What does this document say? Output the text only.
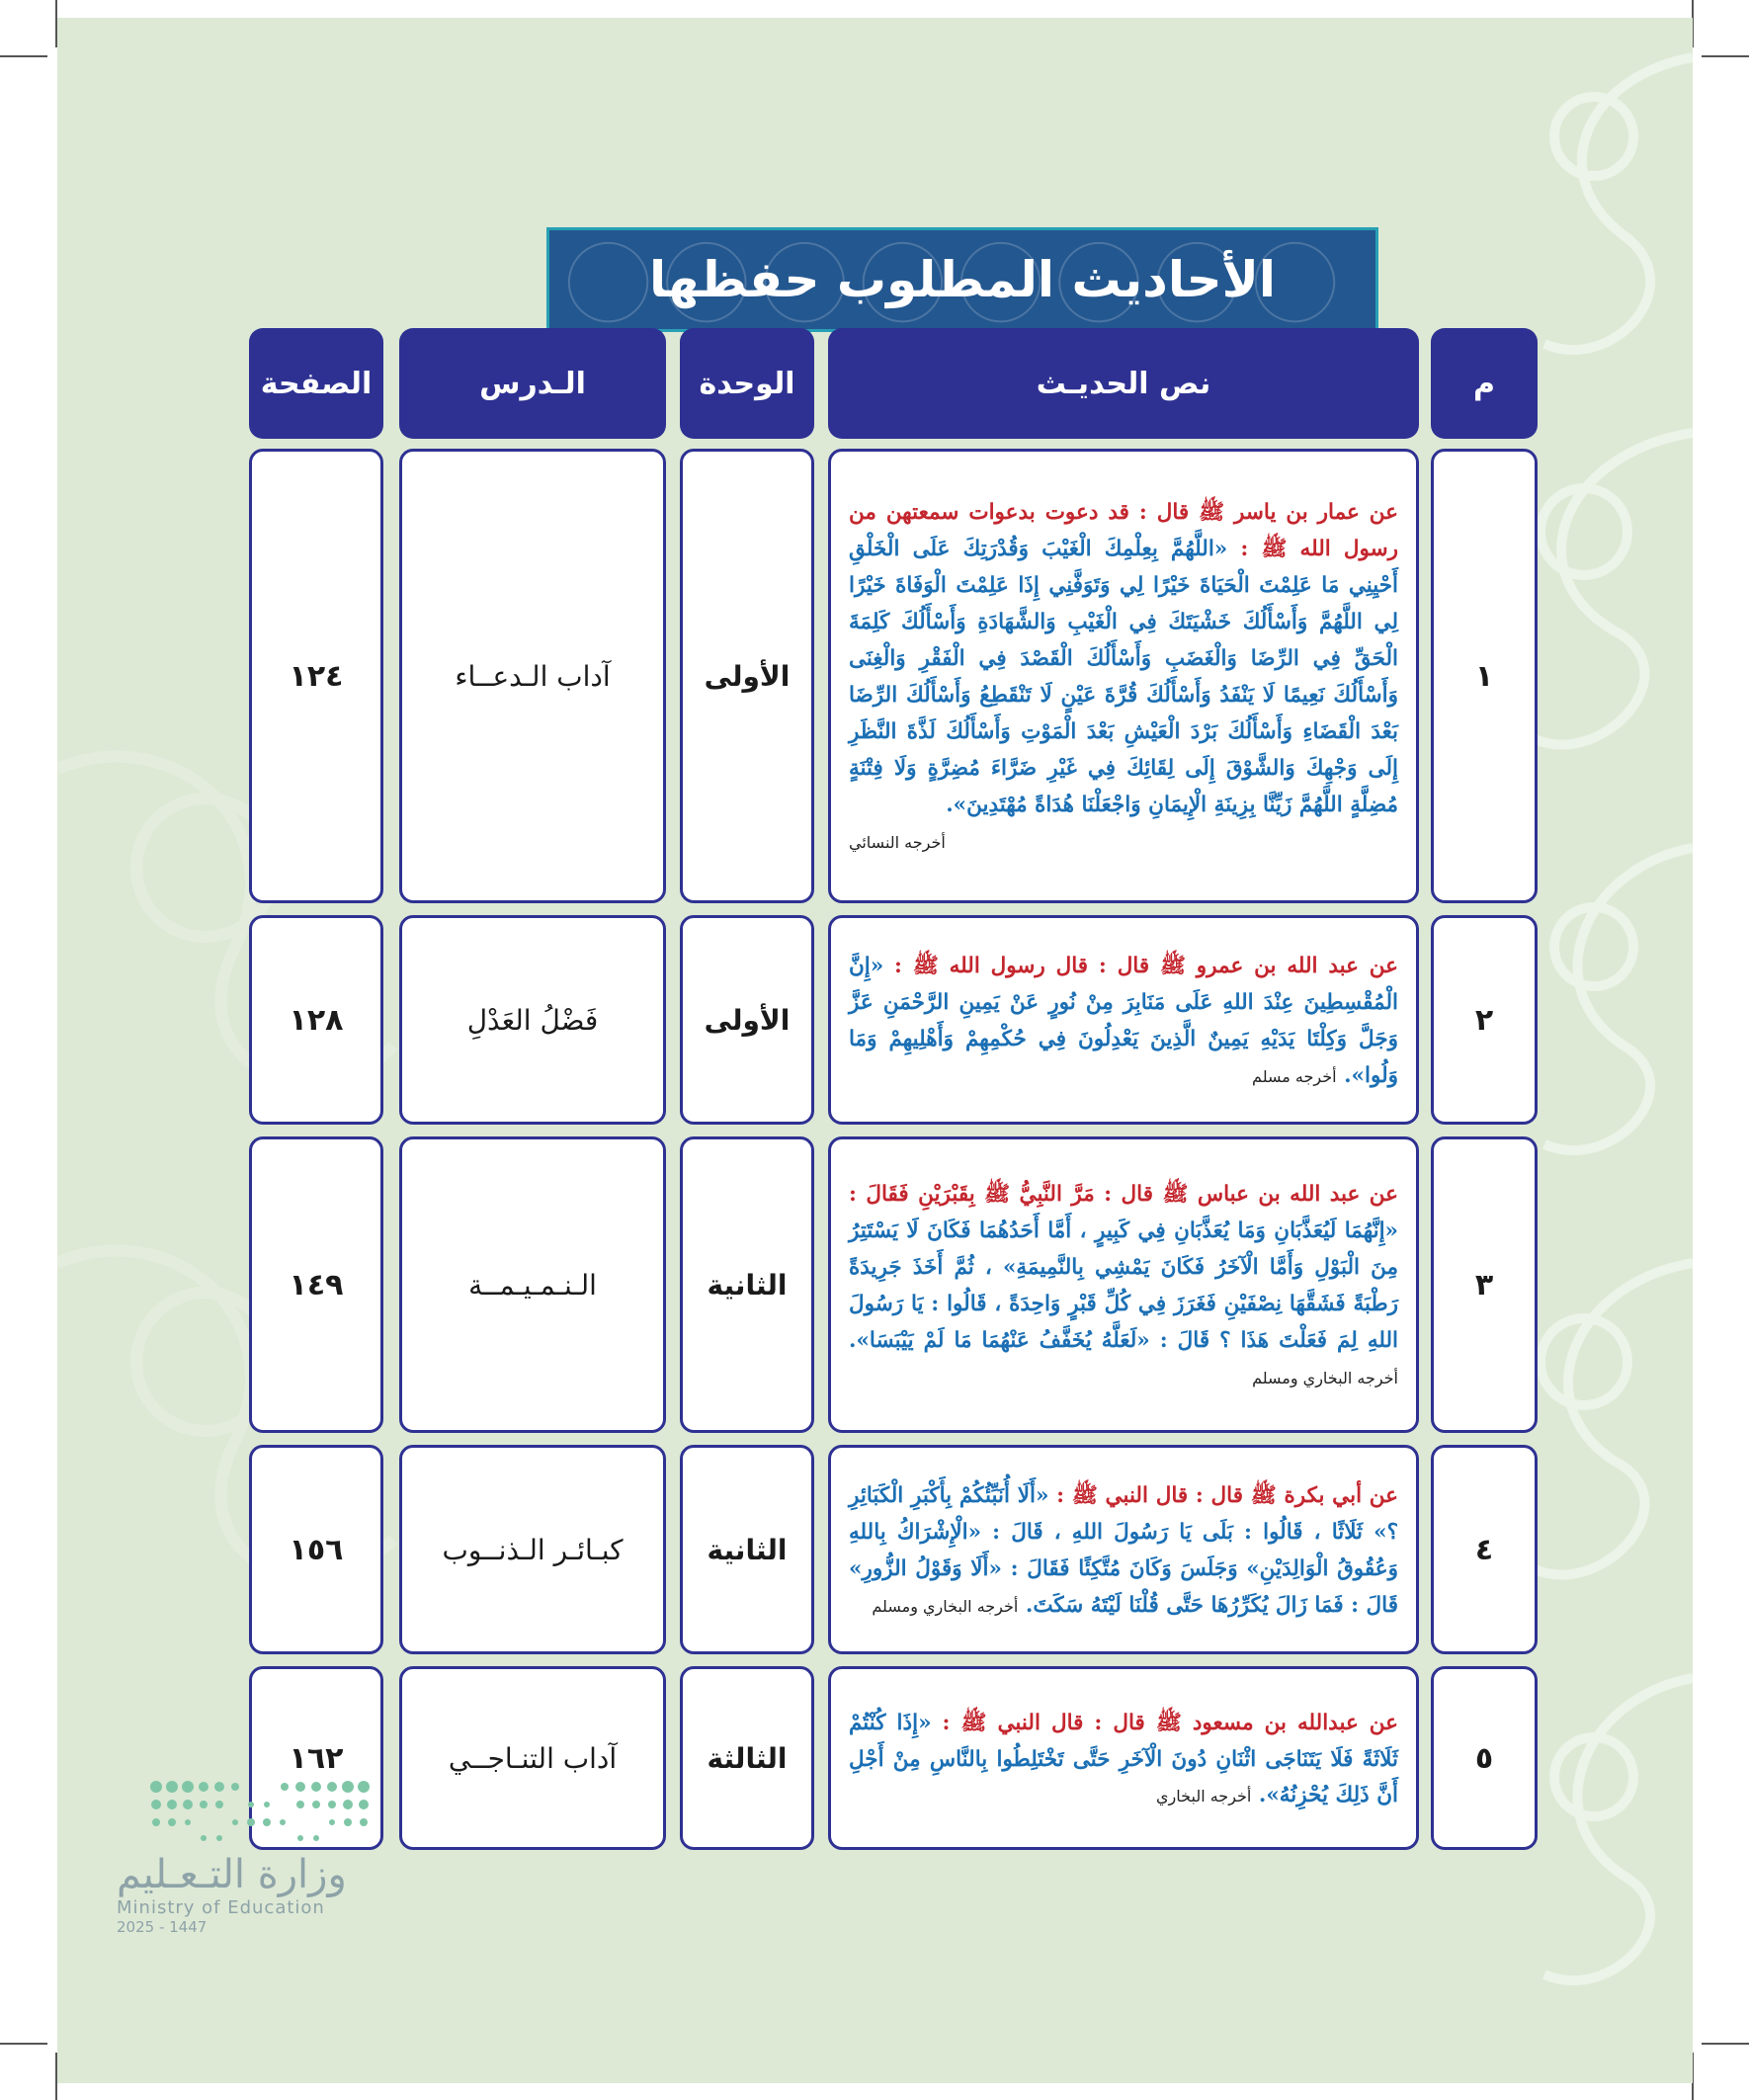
الأحاديث المطلوب حفظها
م
نص الحديـث
الوحدة
الـدرس
الصفحة
١
عن عمار بن ياسر ﷺ قال : قد دعوت بدعوات سمعتهن من رسول الله ﷺ : «اللَّهُمَّ بِعِلْمِكَ الْغَيْبَ وَقُدْرَتِكَ عَلَى الْخَلْقِ أَحْيِنِي مَا عَلِمْتَ الْحَيَاةَ خَيْرًا لِي وَتَوَفَّنِي إِذَا عَلِمْتَ الْوَفَاةَ خَيْرًا لِي اللَّهُمَّ وَأَسْأَلُكَ خَشْيَتَكَ فِي الْغَيْبِ وَالشَّهَادَةِ وَأَسْأَلُكَ كَلِمَةَ الْحَقِّ فِي الرِّضَا وَالْغَضَبِ وَأَسْأَلُكَ الْقَصْدَ فِي الْفَقْرِ وَالْغِنَى وَأَسْأَلُكَ نَعِيمًا لَا يَنْفَدُ وَأَسْأَلُكَ قُرَّةَ عَيْنٍ لَا تَنْقَطِعُ وَأَسْأَلُكَ الرِّضَا بَعْدَ الْقَضَاءِ وَأَسْأَلُكَ بَرْدَ الْعَيْشِ بَعْدَ الْمَوْتِ وَأَسْأَلُكَ لَذَّةَ النَّظَرِ إِلَى وَجْهِكَ وَالشَّوْقَ إِلَى لِقَائِكَ فِي غَيْرِ ضَرَّاءَ مُضِرَّةٍ وَلَا فِتْنَةٍ مُضِلَّةٍ اللَّهُمَّ زَيِّنَّا بِزِينَةِ الْإِيمَانِ وَاجْعَلْنَا هُدَاةً مُهْتَدِينَ».
أخرجه النسائي
الأولى
آداب الـدعــاء
١٢٤
٢
عن عبد الله بن عمرو ﷺ قال : قال رسول الله ﷺ : «إِنَّ الْمُقْسِطِينَ عِنْدَ اللهِ عَلَى مَنَابِرَ مِنْ نُورٍ عَنْ يَمِينِ الرَّحْمَنِ عَزَّ وَجَلَّ وَكِلْتَا يَدَيْهِ يَمِينٌ الَّذِينَ يَعْدِلُونَ فِي حُكْمِهِمْ وَأَهْلِيهِمْ وَمَا وَلُوا». أخرجه مسلم
الأولى
فَضْلُ العَدْلِ
١٢٨
٣
عن عبد الله بن عباس ﷺ قال : مَرَّ النَّبِيُّ ﷺ بِقَبْرَيْنِ فَقَالَ : «إِنَّهُمَا لَيُعَذَّبَانِ وَمَا يُعَذَّبَانِ فِي كَبِيرٍ ، أَمَّا أَحَدُهُمَا فَكَانَ لَا يَسْتَتِرُ مِنَ الْبَوْلِ وَأَمَّا الْآخَرُ فَكَانَ يَمْشِي بِالنَّمِيمَةِ» ، ثُمَّ أَخَذَ جَرِيدَةً رَطْبَةً فَشَقَّهَا نِصْفَيْنِ فَغَرَزَ فِي كُلِّ قَبْرٍ وَاحِدَةً ، قَالُوا : يَا رَسُولَ اللهِ لِمَ فَعَلْتَ هَذَا ؟ قَالَ : «لَعَلَّهُ يُخَفَّفُ عَنْهُمَا مَا لَمْ يَيْبَسَا». أخرجه البخاري ومسلم
الثانية
الـنـمـيـمــة
١٤٩
٤
عن أبي بكرة ﷺ قال : قال النبي ﷺ : «أَلَا أُنَبِّئُكُمْ بِأَكْبَرِ الْكَبَائِرِ ؟» ثَلَاثًا ، قَالُوا : بَلَى يَا رَسُولَ اللهِ ، قَالَ : «الْإِشْرَاكُ بِاللهِ وَعُقُوقُ الْوَالِدَيْنِ» وَجَلَسَ وَكَانَ مُتَّكِئًا فَقَالَ : «أَلَا وَقَوْلُ الزُّورِ» قَالَ : فَمَا زَالَ يُكَرِّرُهَا حَتَّى قُلْنَا لَيْتَهُ سَكَتَ. أخرجه البخاري ومسلم
الثانية
كبـائـر الـذنــوب
١٥٦
٥
عن عبدالله بن مسعود ﷺ قال : قال النبي ﷺ : «إِذَا كُنْتُمْ ثَلَاثَةً فَلَا يَتَنَاجَى اثْنَانِ دُونَ الْآخَرِ حَتَّى تَخْتَلِطُوا بِالنَّاسِ مِنْ أَجْلِ أَنَّ ذَلِكَ يُحْزِنُهُ». أخرجه البخاري
الثالثة
آداب التنـاجــي
١٦٢
وزارة التـعـليم
Ministry of Education
2025 - 1447
